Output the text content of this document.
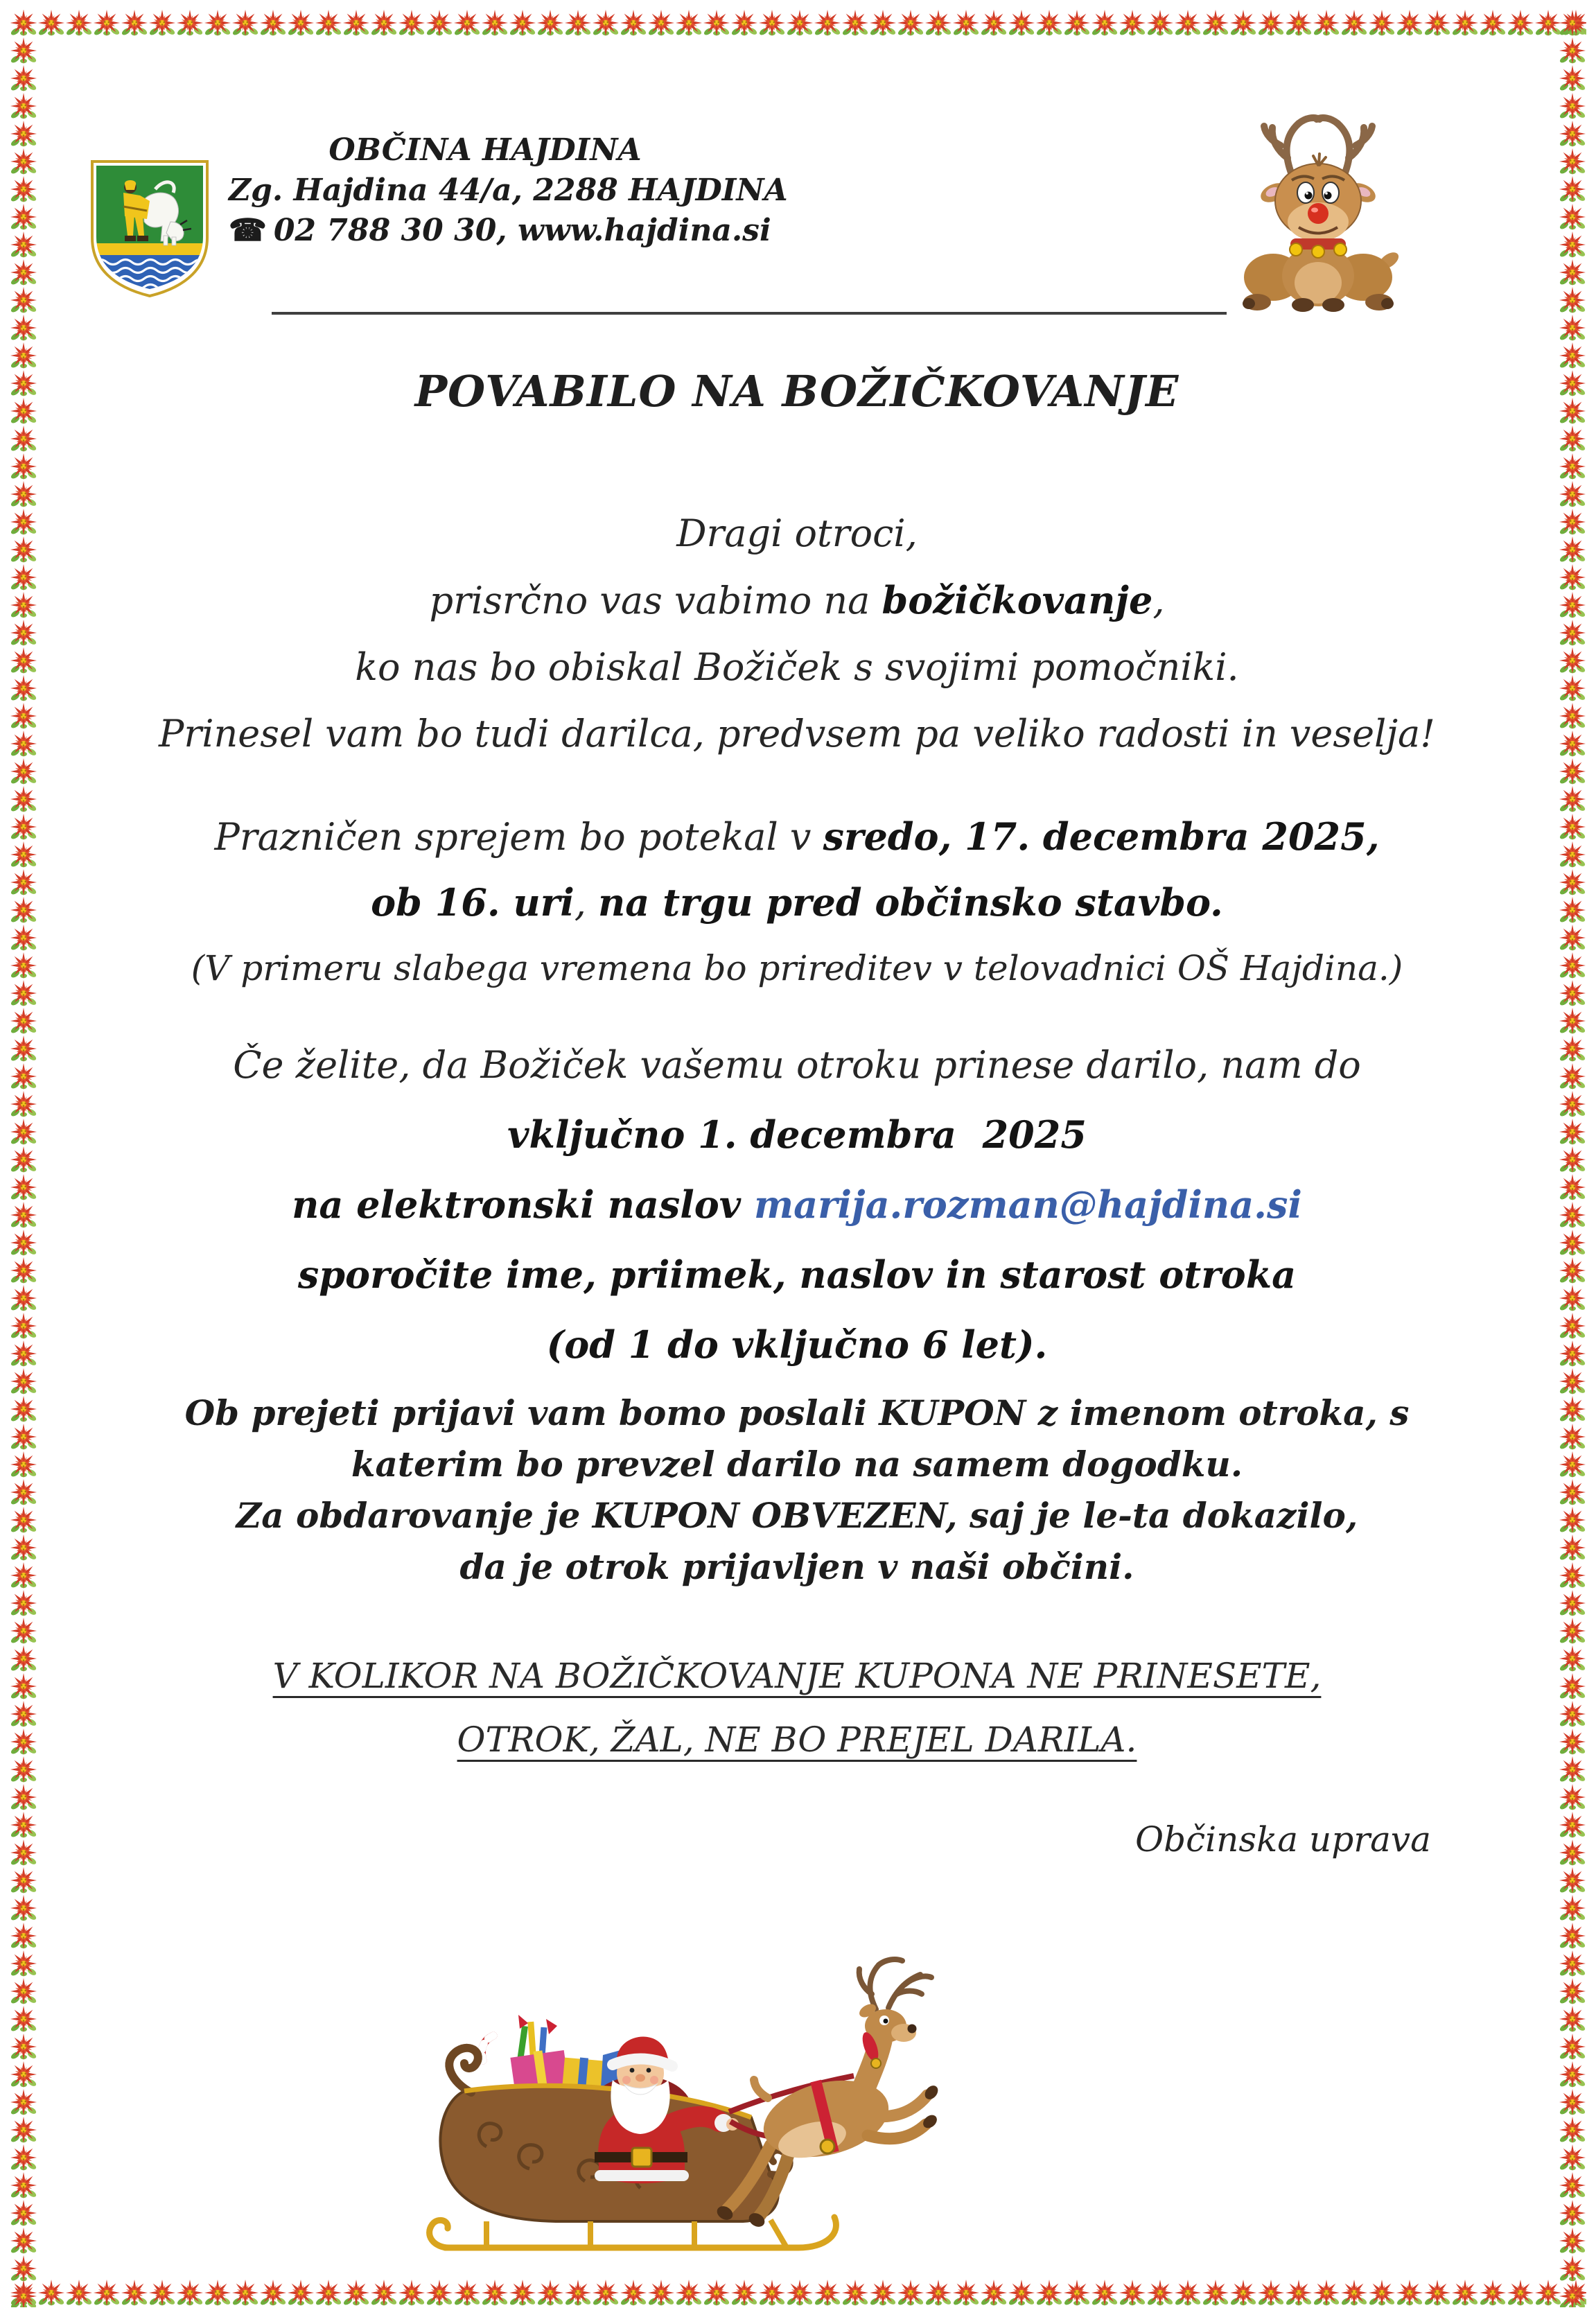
OBČINA HAJDINA
Zg. Hajdina 44/a, 2288 HAJDINA
☎ 02 788 30 30, www.hajdina.si
POVABILO NA BOŽIČKOVANJE
Dragi otroci,
prisrčno vas vabimo na božičkovanje,
ko nas bo obiskal Božiček s svojimi pomočniki.
Prinesel vam bo tudi darilca, predvsem pa veliko radosti in veselja!
Prazničen sprejem bo potekal v sredo, 17. decembra 2025,
ob 16. uri, na trgu pred občinsko stavbo.
(V primeru slabega vremena bo prireditev v telovadnici OŠ Hajdina.)
Če želite, da Božiček vašemu otroku prinese darilo, nam do
vključno 1. decembra  2025
na elektronski naslov marija.rozman@hajdina.si
sporočite ime, priimek, naslov in starost otroka
(od 1 do vključno 6 let).
Ob prejeti prijavi vam bomo poslali KUPON z imenom otroka, s
katerim bo prevzel darilo na samem dogodku.
Za obdarovanje je KUPON OBVEZEN, saj je le-ta dokazilo,
da je otrok prijavljen v naši občini.
V KOLIKOR NA BOŽIČKOVANJE KUPONA NE PRINESETE,
OTROK, ŽAL, NE BO PREJEL DARILA.
Občinska uprava
